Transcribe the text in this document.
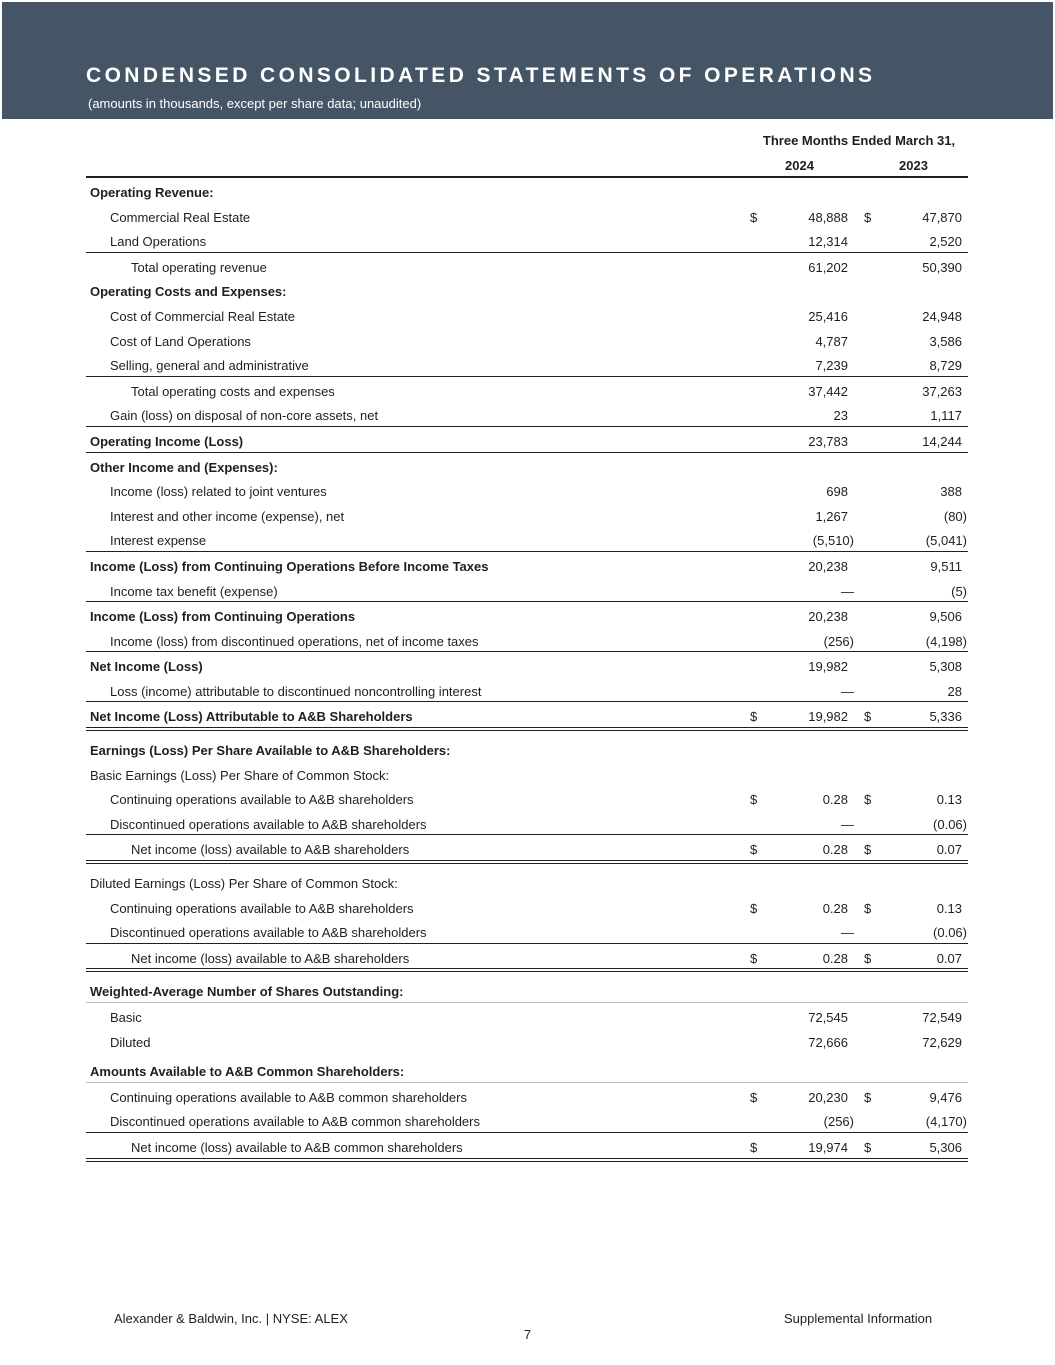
CONDENSED CONSOLIDATED STATEMENTS OF OPERATIONS
(amounts in thousands, except per share data; unaudited)
Three Months Ended March 31,
2024	2023
Operating Revenue:
Commercial Real Estate	$	48,888 $	47,870
Land Operations	12,314	2,520
Total operating revenue	61,202	50,390
Operating Costs and Expenses:
Cost of Commercial Real Estate	25,416	24,948
Cost of Land Operations	4,787	3,586
Selling, general and administrative	7,239	8,729
Total operating costs and expenses	37,442	37,263
Gain (loss) on disposal of non-core assets, net	23	1,117
Operating Income (Loss)	23,783	14,244
Other Income and (Expenses):
Income (loss) related to joint ventures	698	388
Interest and other income (expense), net	1,267	(80)
Interest expense	(5,510)	(5,041)
Income (Loss) from Continuing Operations Before Income Taxes	20,238	9,511
Income tax benefit (expense)	—	(5)
Income (Loss) from Continuing Operations	20,238	9,506
Income (loss) from discontinued operations, net of income taxes	(256)	(4,198)
Net Income (Loss)	19,982	5,308
Loss (income) attributable to discontinued noncontrolling interest	—	28
Net Income (Loss) Attributable to A&B Shareholders	$	19,982 $	5,336
Earnings (Loss) Per Share Available to A&B Shareholders:
Basic Earnings (Loss) Per Share of Common Stock:
Continuing operations available to A&B shareholders	$	0.28 $	0.13
Discontinued operations available to A&B shareholders	—	(0.06)
Net income (loss) available to A&B shareholders	$	0.28 $	0.07
Diluted Earnings (Loss) Per Share of Common Stock:
Continuing operations available to A&B shareholders	$	0.28 $	0.13
Discontinued operations available to A&B shareholders	—	(0.06)
Net income (loss) available to A&B shareholders	$	0.28 $	0.07
Weighted-Average Number of Shares Outstanding:
Basic	72,545	72,549
Diluted	72,666	72,629
Amounts Available to A&B Common Shareholders:
Continuing operations available to A&B common shareholders	$	20,230 $	9,476
Discontinued operations available to A&B common shareholders	(256)	(4,170)
Net income (loss) available to A&B common shareholders	$	19,974 $	5,306
Alexander & Baldwin, Inc. | NYSE: ALEX	Supplemental Information
7
